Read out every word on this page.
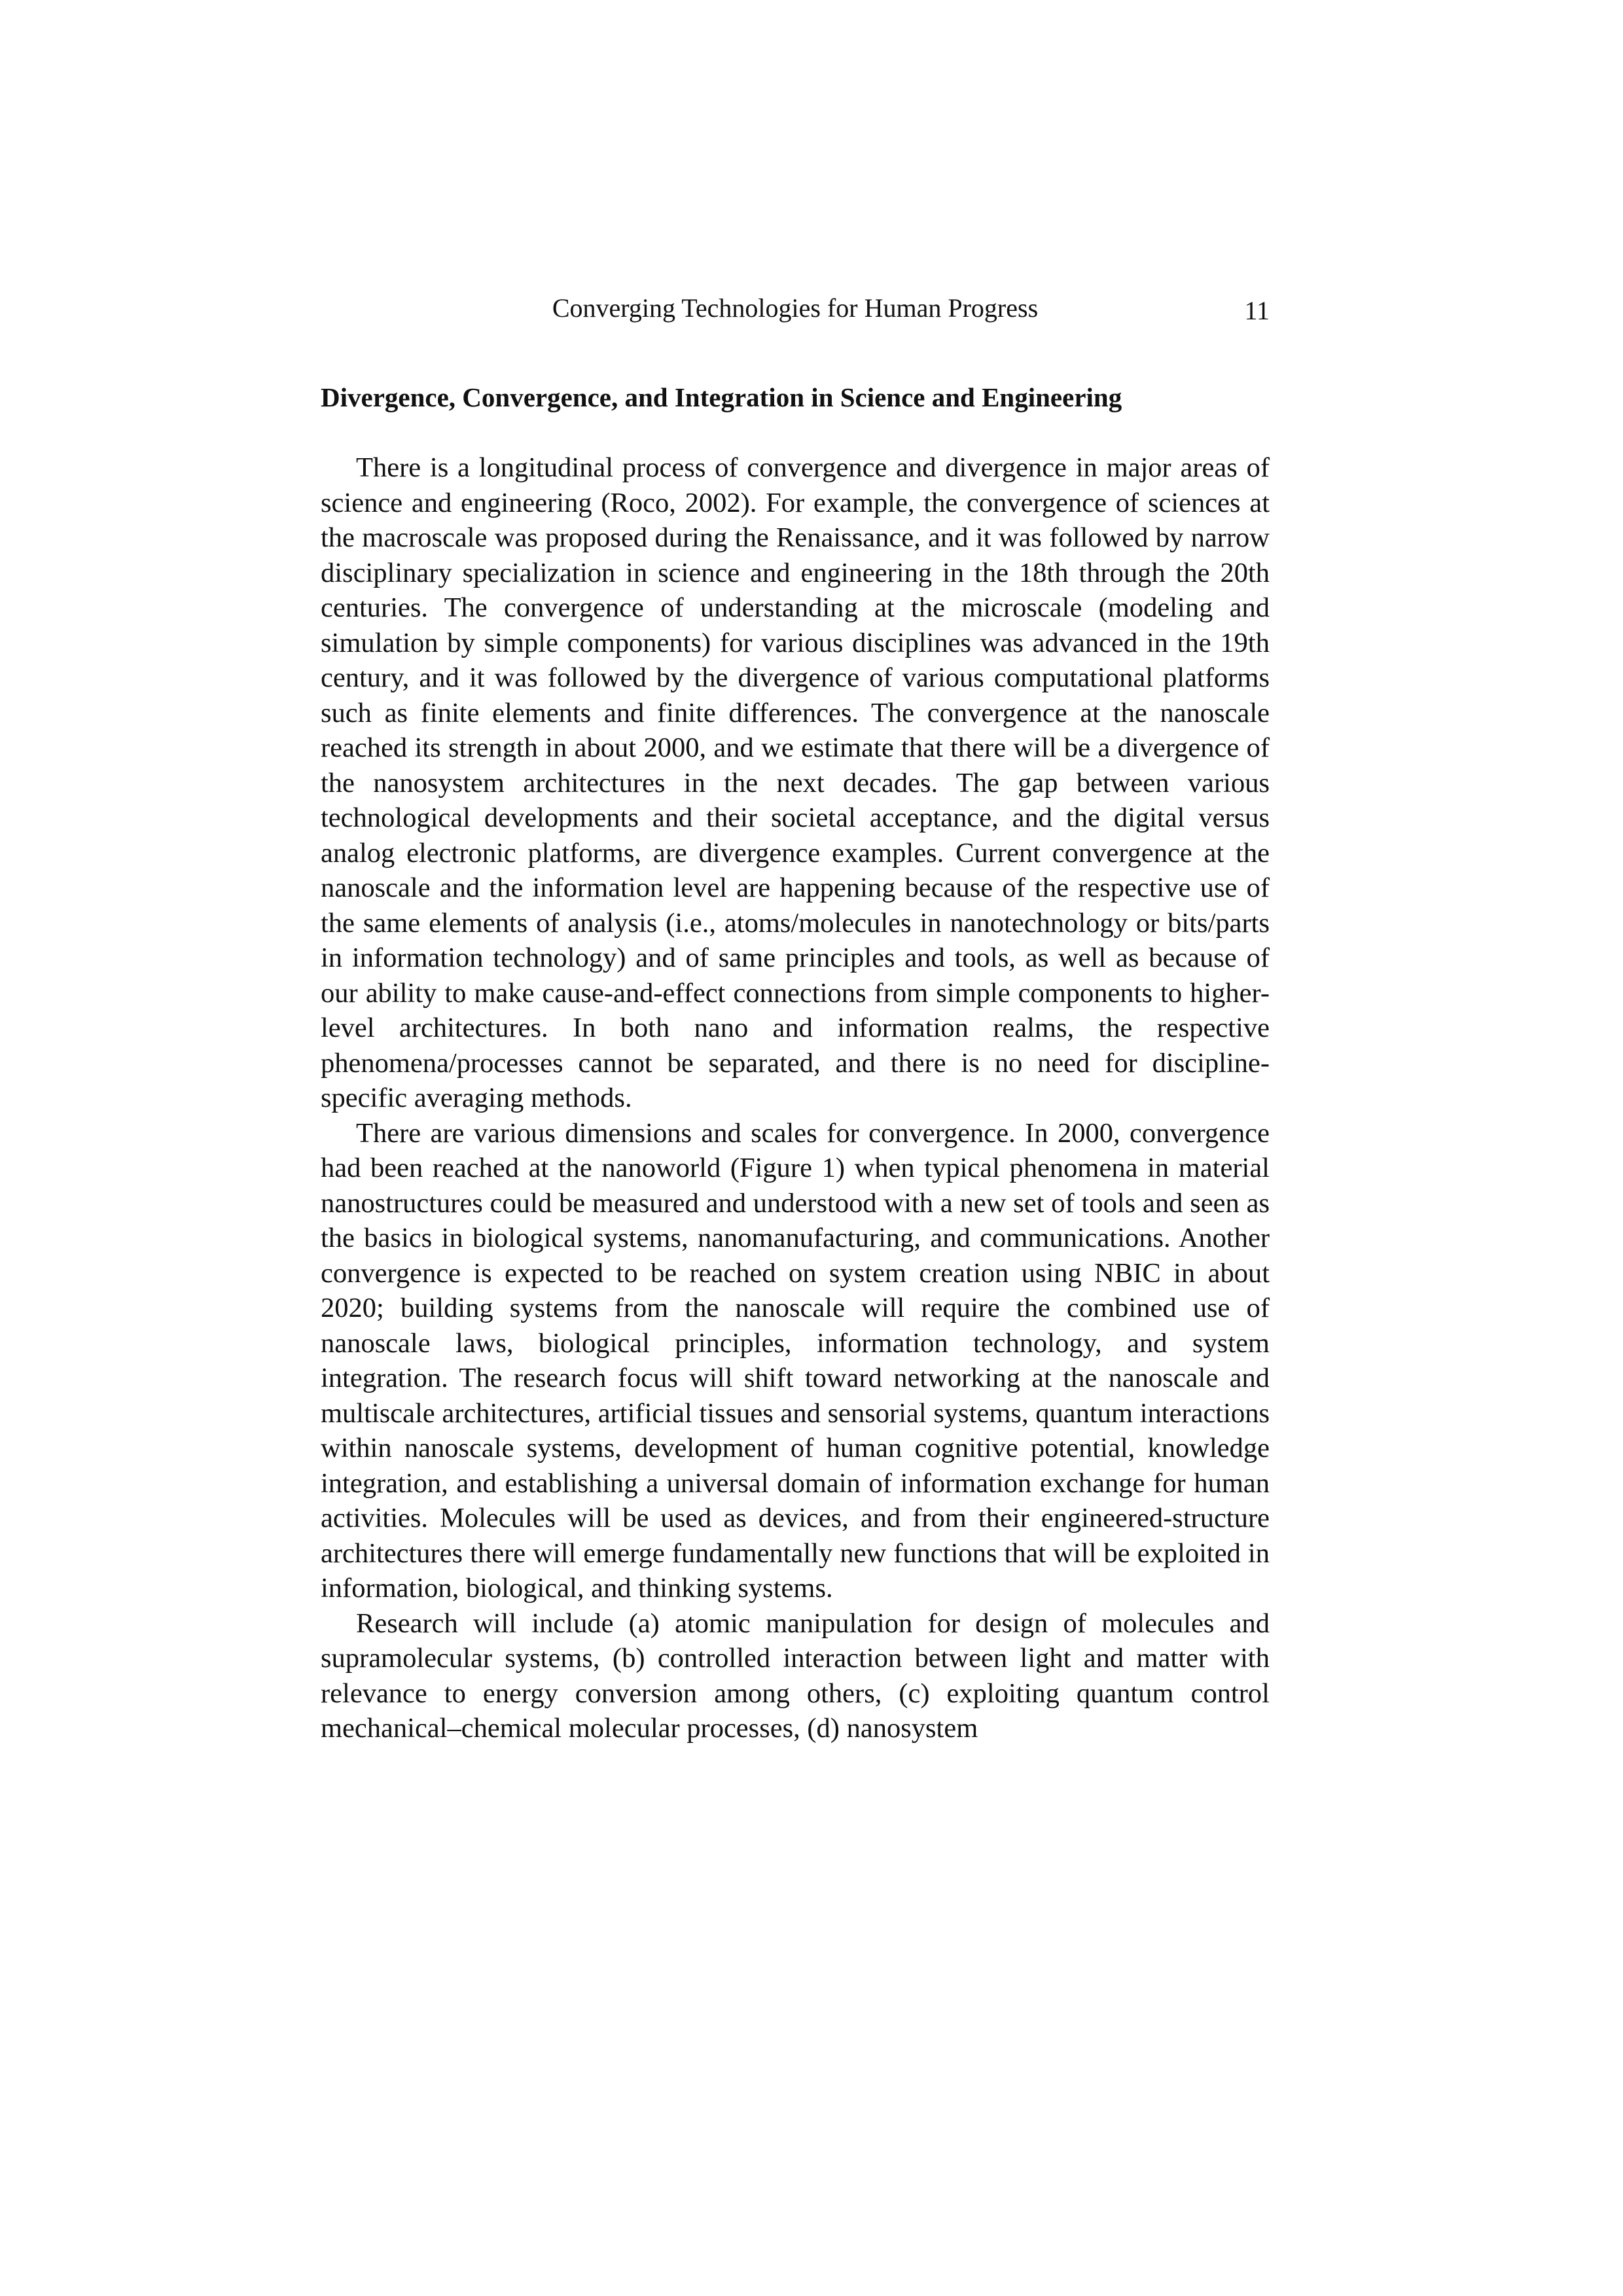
Converging Technologies for Human Progress	11
Divergence, Convergence, and Integration in Science and Engineering

There is a longitudinal process of convergence and divergence in major areas of science and engineering (Roco, 2002). For example, the convergence of sciences at the macroscale was proposed during the Renaissance, and it was followed by narrow disciplinary specialization in science and engineering in the 18th through the 20th centuries. The convergence of understanding at the microscale (modeling and simulation by simple components) for various disciplines was advanced in the 19th century, and it was followed by the divergence of various computational platforms such as finite elements and finite differences. The convergence at the nanoscale reached its strength in about 2000, and we estimate that there will be a divergence of the nanosystem architectures in the next decades. The gap between various technological developments and their societal acceptance, and the digital versus analog electronic platforms, are divergence examples. Current convergence at the nanoscale and the information level are happening because of the respective use of the same elements of analysis (i.e., atoms/molecules in nanotechnology or bits/parts in information technology) and of same principles and tools, as well as because of our ability to make cause-and-effect connections from simple components to higher-level architectures. In both nano and information realms, the respective phenomena/processes cannot be separated, and there is no need for discipline-specific averaging methods.

There are various dimensions and scales for convergence. In 2000, convergence had been reached at the nanoworld (Figure 1) when typical phenomena in material nanostructures could be measured and understood with a new set of tools and seen as the basics in biological systems, nanomanufacturing, and communications. Another convergence is expected to be reached on system creation using NBIC in about 2020; building systems from the nanoscale will require the combined use of nanoscale laws, biological principles, information technology, and system integration. The research focus will shift toward networking at the nanoscale and multiscale architectures, artificial tissues and sensorial systems, quantum interactions within nanoscale systems, development of human cognitive potential, knowledge integration, and establishing a universal domain of information exchange for human activities. Molecules will be used as devices, and from their engineered-structure architectures there will emerge fundamentally new functions that will be exploited in information, biological, and thinking systems.

Research will include (a) atomic manipulation for design of molecules and supramolecular systems, (b) controlled interaction between light and matter with relevance to energy conversion among others, (c) exploiting quantum control mechanical–chemical molecular processes, (d) nanosystem
